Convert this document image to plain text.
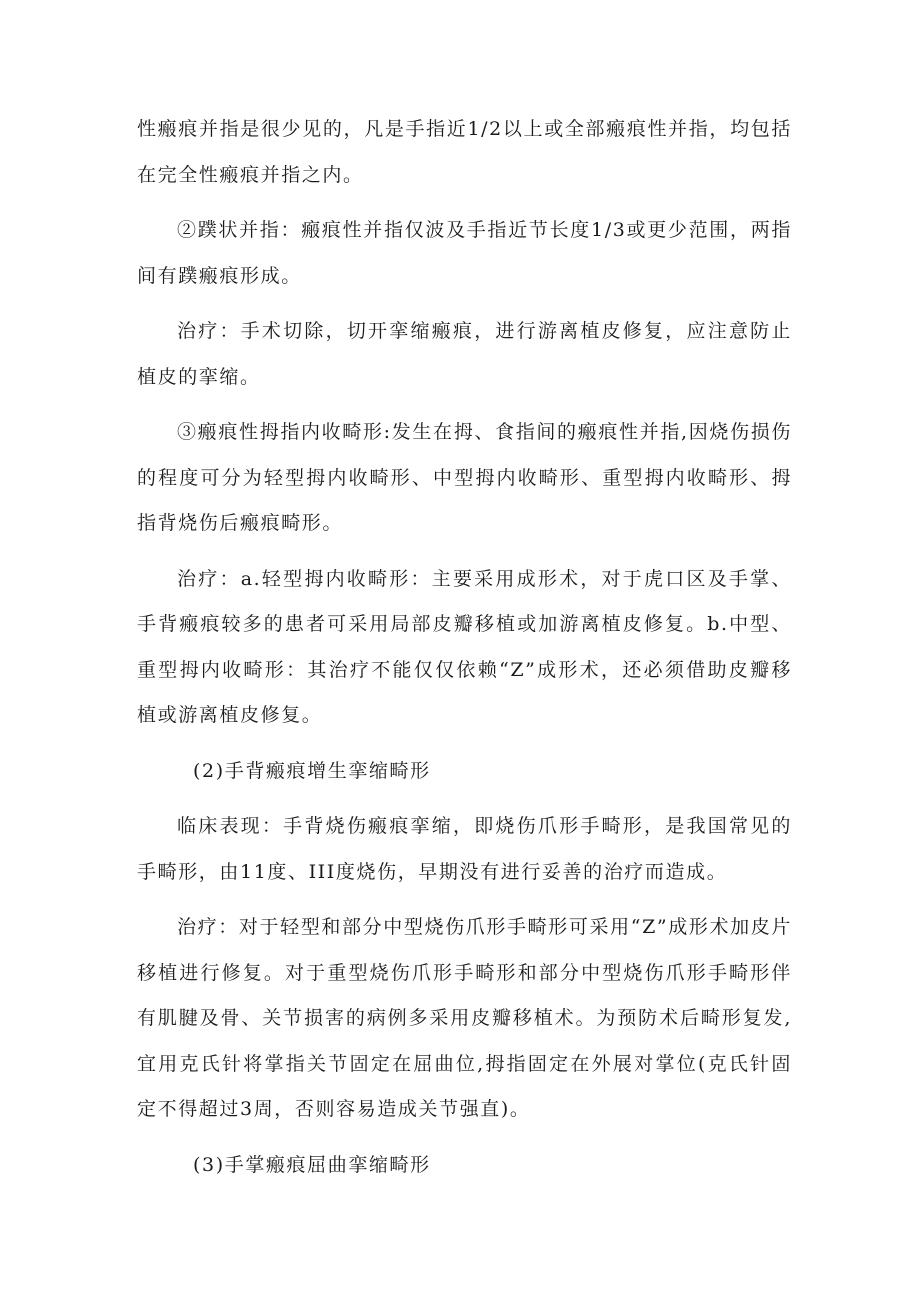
性瘢痕并指是很少见的，凡是手指近1/2以上或全部瘢痕性并指，均包括在完全性瘢痕并指之内。

②蹼状并指：瘢痕性并指仅波及手指近节长度1/3或更少范围，两指间有蹼瘢痕形成。

治疗：手术切除，切开挛缩瘢痕，进行游离植皮修复，应注意防止植皮的挛缩。

③瘢痕性拇指内收畸形:发生在拇、食指间的瘢痕性并指,因烧伤损伤的程度可分为轻型拇内收畸形、中型拇内收畸形、重型拇内收畸形、拇指背烧伤后瘢痕畸形。

治疗：a.轻型拇内收畸形：主要采用成形术，对于虎口区及手掌、手背瘢痕较多的患者可采用局部皮瓣移植或加游离植皮修复。b.中型、重型拇内收畸形：其治疗不能仅仅依赖“Z”成形术，还必须借助皮瓣移植或游离植皮修复。

(2)手背瘢痕增生挛缩畸形

临床表现：手背烧伤瘢痕挛缩，即烧伤爪形手畸形，是我国常见的手畸形，由11度、III度烧伤，早期没有进行妥善的治疗而造成。

治疗：对于轻型和部分中型烧伤爪形手畸形可采用“Z”成形术加皮片移植进行修复。对于重型烧伤爪形手畸形和部分中型烧伤爪形手畸形伴有肌腱及骨、关节损害的病例多采用皮瓣移植术。为预防术后畸形复发,宜用克氏针将掌指关节固定在屈曲位,拇指固定在外展对掌位(克氏针固定不得超过3周，否则容易造成关节强直)。

(3)手掌瘢痕屈曲挛缩畸形
